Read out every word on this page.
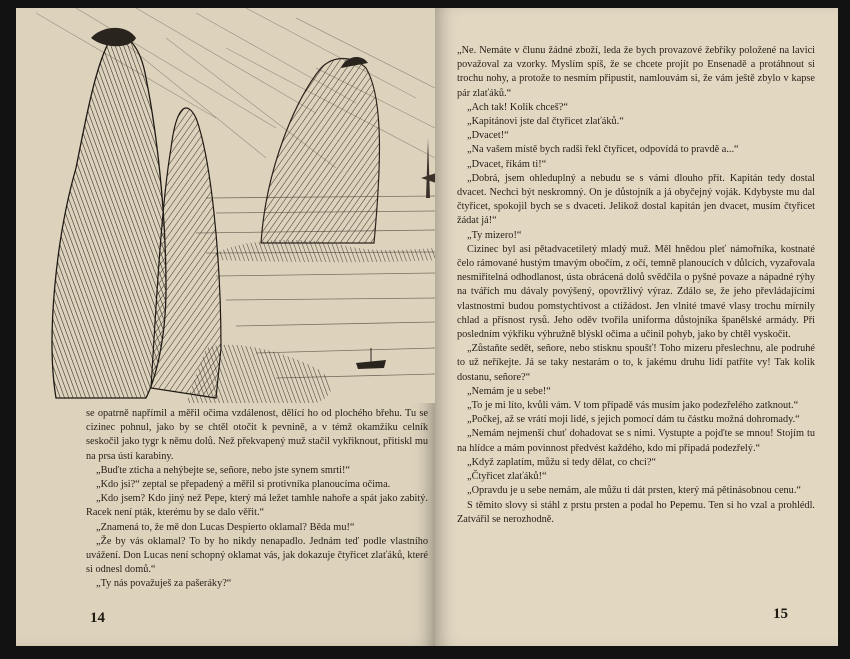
se opatrně napřímil a měřil očima vzdálenost, dělící ho od plochého břehu. Tu se cizinec pohnul, jako by se chtěl otočit k pevnině, a v témž okamžiku celník seskočil jako tygr k němu dolů. Než překvapený muž stačil vykřiknout, přitiskl mu na prsa ústí karabiny.

„Buďte zticha a nehýbejte se, señore, nebo jste synem smrti!“

„Kdo jsi?“ zeptal se přepadený a měřil si protivníka planoucíma očima.

„Kdo jsem? Kdo jiný než Pepe, který má ležet tamhle nahoře a spát jako zabitý. Racek není pták, kterému by se dalo věřit.“

„Znamená to, že mě don Lucas Despierto oklamal? Běda mu!“

„Že by vás oklamal? To by ho nikdy nenapadlo. Jednám teď podle vlastního uvážení. Don Lucas není schopný oklamat vás, jak dokazuje čtyřicet zlaťáků, které si odnesl domů.“

„Ty nás považuješ za pašeráky?“

14

„Ne. Nemáte v člunu žádné zboží, leda že bych provazové žebříky položené na lavici považoval za vzorky. Myslím spíš, že se chcete projít po Ensenadě a protáhnout si trochu nohy, a protože to nesmím připustit, namlouvám si, že vám ještě zbylo v kapse pár zlaťáků.“

„Ach tak! Kolik chceš?“

„Kapitánovi jste dal čtyřicet zlaťáků.“

„Dvacet!“

„Na vašem místě bych radši řekl čtyřicet, odpovídá to pravdě a...“

„Dvacet, říkám ti!“

„Dobrá, jsem ohleduplný a nebudu se s vámi dlouho přít. Kapitán tedy dostal dvacet. Nechci být neskromný. On je důstojník a já obyčejný voják. Kdybyste mu dal čtyřicet, spokojil bych se s dvaceti. Jelikož dostal kapitán jen dvacet, musím čtyřicet žádat já!“

„Ty mizero!“

Cizinec byl asi pětadvacetiletý mladý muž. Měl hnědou pleť námořníka, kostnaté čelo rámované hustým tmavým obočím, z očí, temně planoucích v důlcích, vyzařovala nesmiřitelná odhodlanost, ústa obrácená dolů svědčila o pyšné povaze a nápadné rýhy na tvářích mu dávaly povýšený, opovržlivý výraz. Zdálo se, že jeho převládajícími vlastnostmi budou pomstychtivost a ctižádost. Jen vlnité tmavé vlasy trochu mírnily chlad a přísnost rysů. Jeho oděv tvořila uniforma důstojníka španělské armády. Při posledním výkřiku výhružně blýskl očima a učinil pohyb, jako by chtěl vyskočit.

„Zůstaňte sedět, señore, nebo stisknu spoušť! Toho mizeru přeslechnu, ale podruhé to už neříkejte. Já se taky nestarám o to, k jakému druhu lidí patříte vy! Tak kolik dostanu, señore?“

„Nemám je u sebe!“

„To je mi líto, kvůli vám. V tom případě vás musím jako podezřelého zatknout.“

„Počkej, až se vrátí moji lidé, s jejich pomocí dám tu částku možná dohromady.“

„Nemám nejmenší chuť dohadovat se s nimi. Vystupte a pojďte se mnou! Stojím tu na hlídce a mám povinnost předvést každého, kdo mi připadá podezřelý.“

„Když zaplatím, můžu si tedy dělat, co chci?“

„Čtyřicet zlaťáků!“

„Opravdu je u sebe nemám, ale můžu ti dát prsten, který má pětinásobnou cenu.“

S těmito slovy si stáhl z prstu prsten a podal ho Pepemu. Ten si ho vzal a prohlédl. Zatvářil se nerozhodně.

15
